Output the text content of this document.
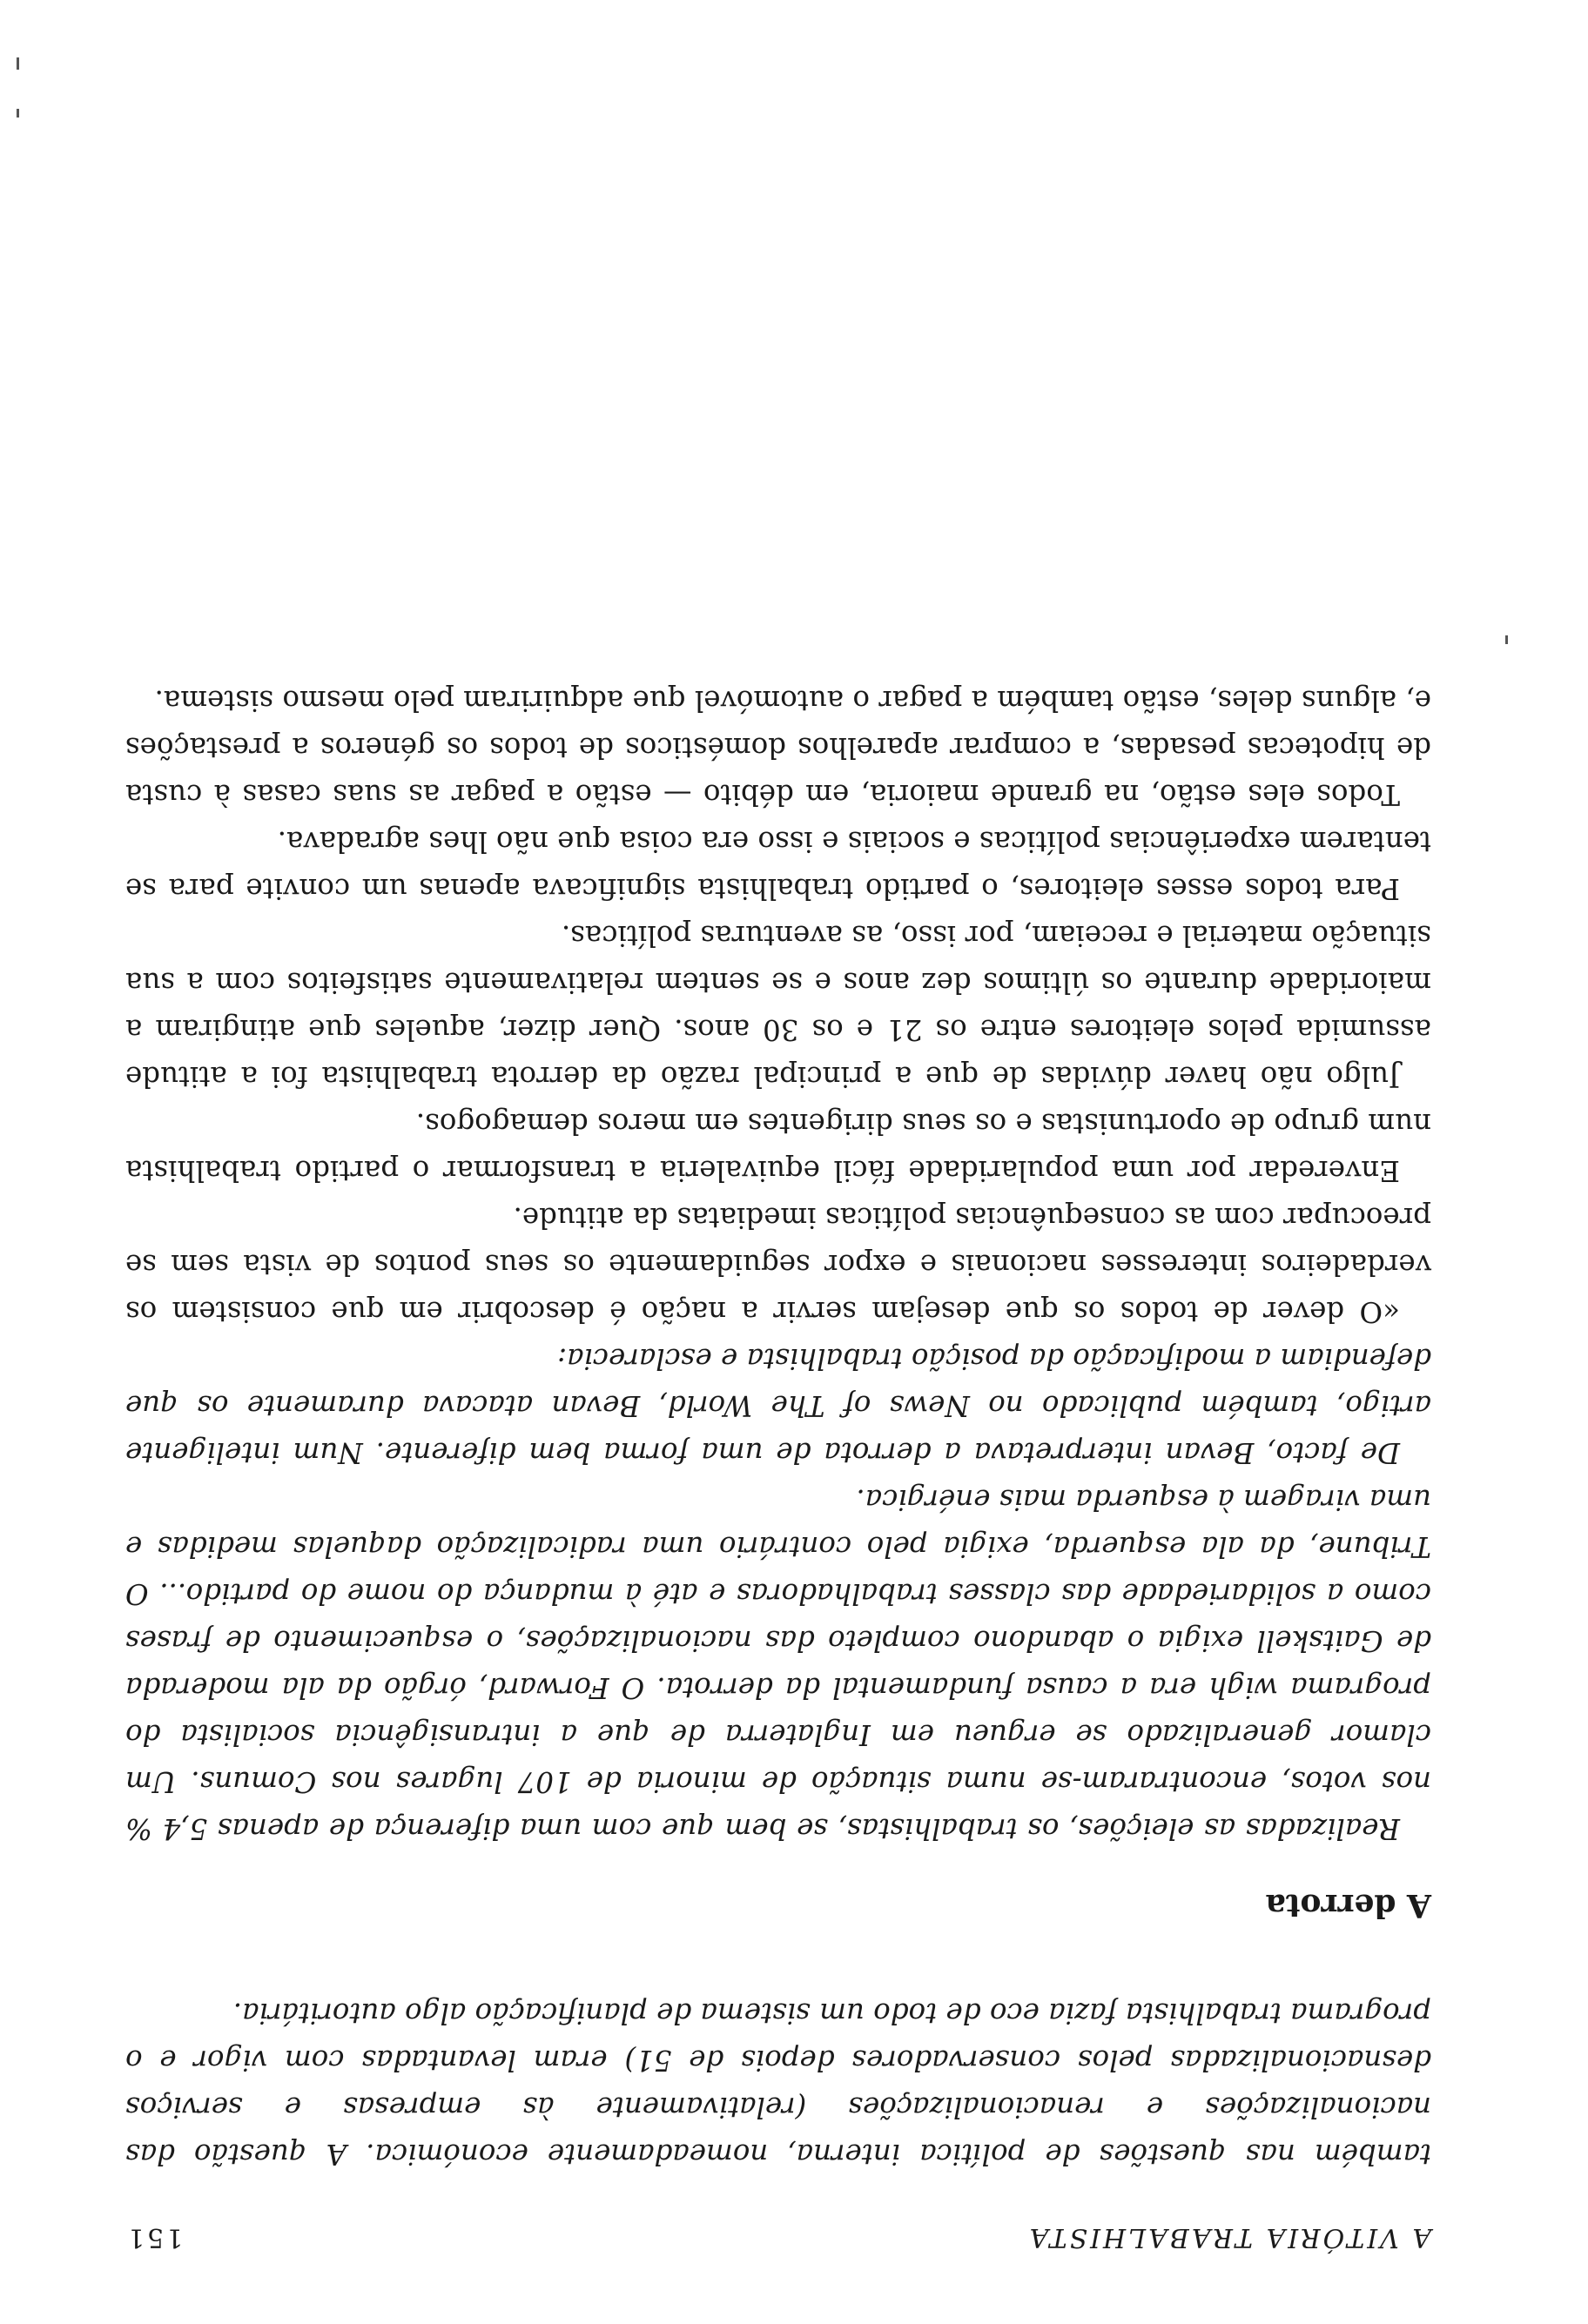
A VITÓRIA TRABALHISTA
151

também nas questões de política interna, nomeadamente económica. A questão das nacionalizações e renacionalizações (relativamente às empresas e serviços desnacionalizadas pelos conservadores depois de 51) eram levantadas com vigor e o programa trabalhista fazia eco de todo um sistema de planificação algo autoritária.

A derrota

Realizadas as eleições, os trabalhistas, se bem que com uma diferença de apenas 5,4 % nos votos, encontraram-se numa situação de minoria de 107 lugares nos Comuns. Um clamor generalizado se ergueu em Inglaterra de que a intransigência socialista do programa wigh era a causa fundamental da derrota. O Forward, órgão da ala moderada de Gaitskell exigia o abandono completo das nacionalizações, o esquecimento de frases como a solidariedade das classes trabalhadoras e até à mudança do nome do partido... O Tribune, da ala esquerda, exigia pelo contrário uma radicalização daquelas medidas e uma viragem à esquerda mais enérgica.

De facto, Bevan interpretava a derrota de uma forma bem diferente. Num inteligente artigo, também publicado no News of The World, Bevan atacava duramente os que defendiam a modificação da posição trabalhista e esclarecia:

«O dever de todos os que desejam servir a nação é descobrir em que consistem os verdadeiros interesses nacionais e expor seguidamente os seus pontos de vista sem se preocupar com as consequências políticas imediatas da atitude.

Enveredar por uma popularidade fácil equivaleria a transformar o partido trabalhista num grupo de oportunistas e os seus dirigentes em meros demagogos.

Julgo não haver dúvidas de que a principal razão da derrota trabalhista foi a atitude assumida pelos eleitores entre os 21 e os 30 anos. Quer dizer, aqueles que atingiram a maioridade durante os últimos dez anos e se sentem relativamente satisfeitos com a sua situação material e receiam, por isso, as aventuras políticas.

Para todos esses eleitores, o partido trabalhista significava apenas um convite para se tentarem experiências políticas e sociais e isso era coisa que não lhes agradava.

Todos eles estão, na grande maioria, em débito — estão a pagar as suas casas à custa de hipotecas pesadas, a comprar aparelhos domésticos de todos os géneros a prestações e, alguns deles, estão também a pagar o automóvel que adquiriram pelo mesmo sistema.
